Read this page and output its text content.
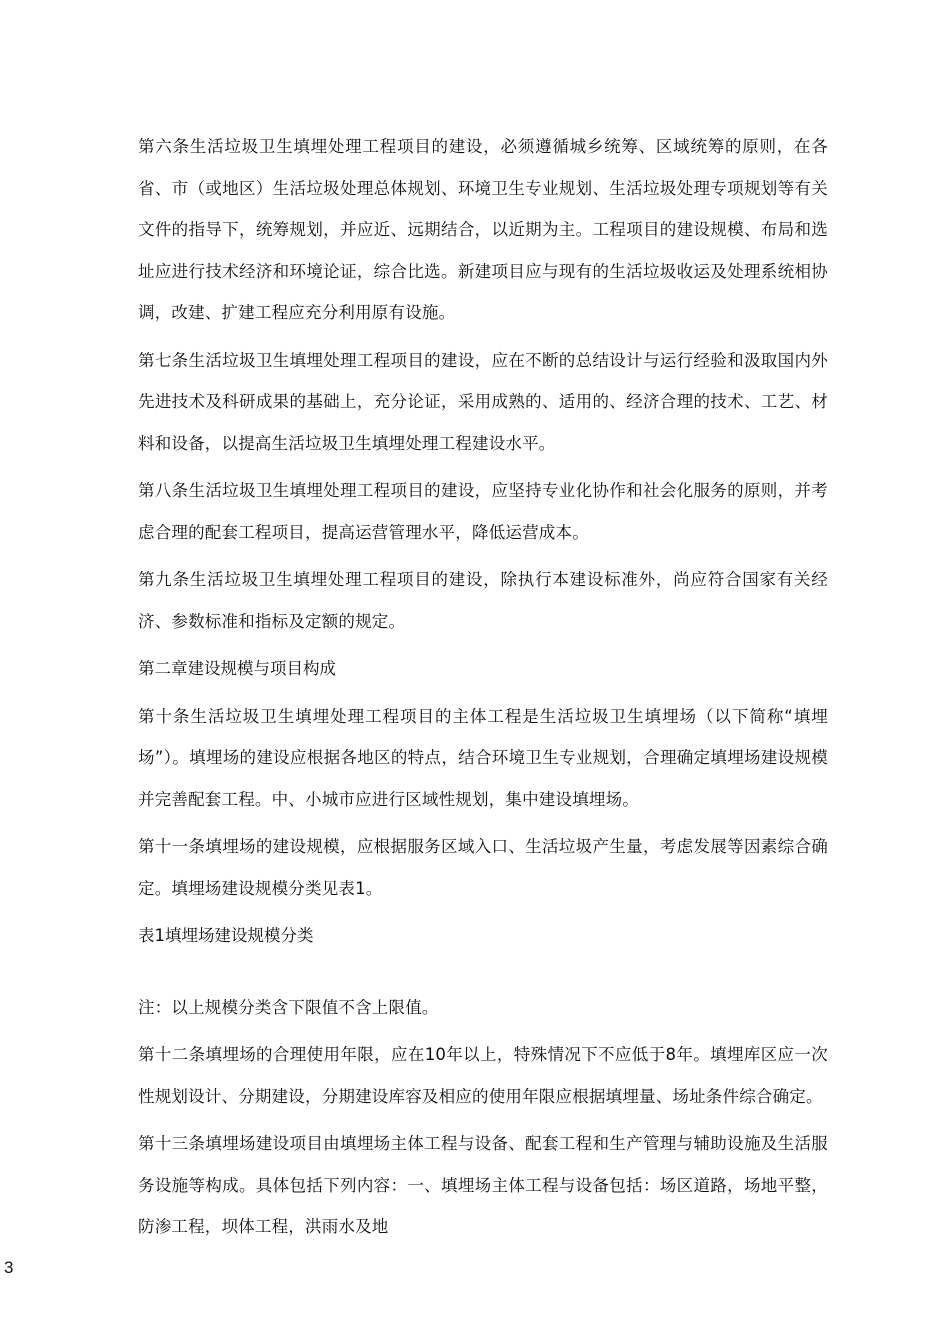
第六条生活垃圾卫生填埋处理工程项目的建设，必须遵循城乡统筹、区域统筹的原则，在各省、市（或地区）生活垃圾处理总体规划、环境卫生专业规划、生活垃圾处理专项规划等有关文件的指导下，统筹规划，并应近、远期结合，以近期为主。工程项目的建设规模、布局和选址应进行技术经济和环境论证，综合比选。新建项目应与现有的生活垃圾收运及处理系统相协调，改建、扩建工程应充分利用原有设施。

第七条生活垃圾卫生填埋处理工程项目的建设，应在不断的总结设计与运行经验和汲取国内外先进技术及科研成果的基础上，充分论证，采用成熟的、适用的、经济合理的技术、工艺、材料和设备，以提高生活垃圾卫生填埋处理工程建设水平。

第八条生活垃圾卫生填埋处理工程项目的建设，应坚持专业化协作和社会化服务的原则，并考虑合理的配套工程项目，提高运营管理水平，降低运营成本。

第九条生活垃圾卫生填埋处理工程项目的建设，除执行本建设标准外，尚应符合国家有关经济、参数标准和指标及定额的规定。

第二章建设规模与项目构成

第十条生活垃圾卫生填埋处理工程项目的主体工程是生活垃圾卫生填埋场（以下简称“填埋场”）。填埋场的建设应根据各地区的特点，结合环境卫生专业规划，合理确定填埋场建设规模并完善配套工程。中、小城市应进行区域性规划，集中建设填埋场。

第十一条填埋场的建设规模，应根据服务区域入口、生活垃圾产生量，考虑发展等因素综合确定。填埋场建设规模分类见表1。

表1填埋场建设规模分类

注：以上规模分类含下限值不含上限值。

第十二条填埋场的合理使用年限，应在10年以上，特殊情况下不应低于8年。填埋库区应一次性规划设计、分期建设，分期建设库容及相应的使用年限应根据填埋量、场址条件综合确定。

第十三条填埋场建设项目由填埋场主体工程与设备、配套工程和生产管理与辅助设施及生活服务设施等构成。具体包括下列内容：一、填埋场主体工程与设备包括：场区道路，场地平整，防渗工程，坝体工程，洪雨水及地

3
